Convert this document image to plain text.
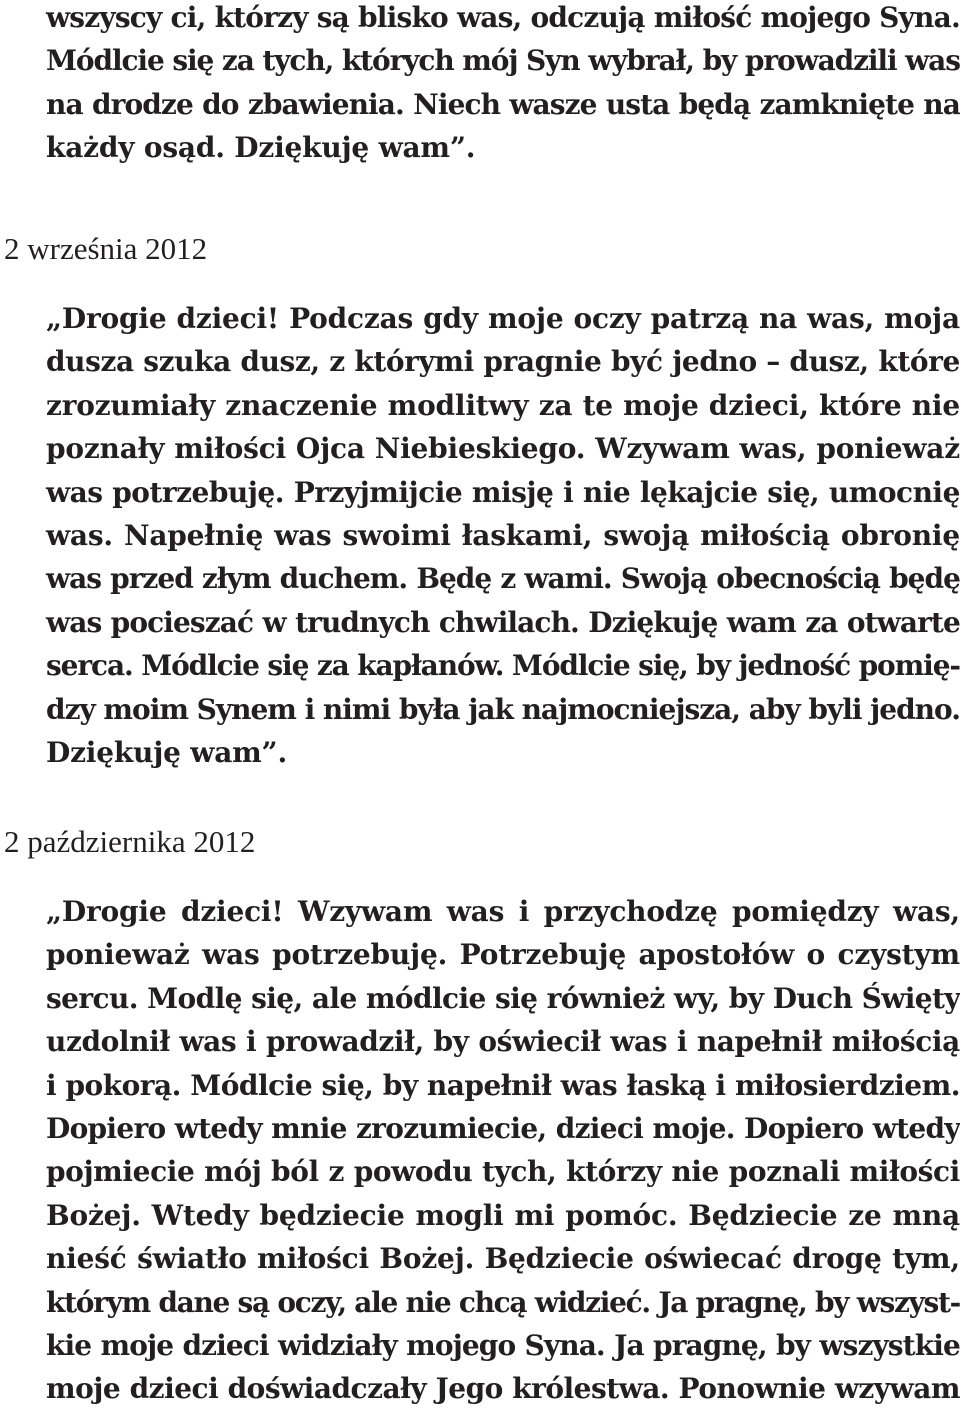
wszyscy ci, którzy są blisko was, odczują miłość mojego Syna.
Módlcie się za tych, których mój Syn wybrał, by prowadzili was
na drodze do zbawienia. Niech wasze usta będą zamknięte na
każdy osąd. Dziękuję wam”.
2 września 2012
„Drogie dzieci! Podczas gdy moje oczy patrzą na was, moja
dusza szuka dusz, z którymi pragnie być jedno – dusz, które
zrozumiały znaczenie modlitwy za te moje dzieci, które nie
poznały miłości Ojca Niebieskiego. Wzywam was, ponieważ
was potrzebuję. Przyjmijcie misję i nie lękajcie się, umocnię
was. Napełnię was swoimi łaskami, swoją miłością obronię
was przed złym duchem. Będę z wami. Swoją obecnością będę
was pocieszać w trudnych chwilach. Dziękuję wam za otwarte
serca. Módlcie się za kapłanów. Módlcie się, by jedność pomię-
dzy moim Synem i nimi była jak najmocniejsza, aby byli jedno.
Dziękuję wam”.
2 października 2012
„Drogie dzieci! Wzywam was i przychodzę pomiędzy was,
ponieważ was potrzebuję. Potrzebuję apostołów o czystym
sercu. Modlę się, ale módlcie się również wy, by Duch Święty
uzdolnił was i prowadził, by oświecił was i napełnił miłością
i pokorą. Módlcie się, by napełnił was łaską i miłosierdziem.
Dopiero wtedy mnie zrozumiecie, dzieci moje. Dopiero wtedy
pojmiecie mój ból z powodu tych, którzy nie poznali miłości
Bożej. Wtedy będziecie mogli mi pomóc. Będziecie ze mną
nieść światło miłości Bożej. Będziecie oświecać drogę tym,
którym dane są oczy, ale nie chcą widzieć. Ja pragnę, by wszyst-
kie moje dzieci widziały mojego Syna. Ja pragnę, by wszystkie
moje dzieci doświadczały Jego królestwa. Ponownie wzywam
